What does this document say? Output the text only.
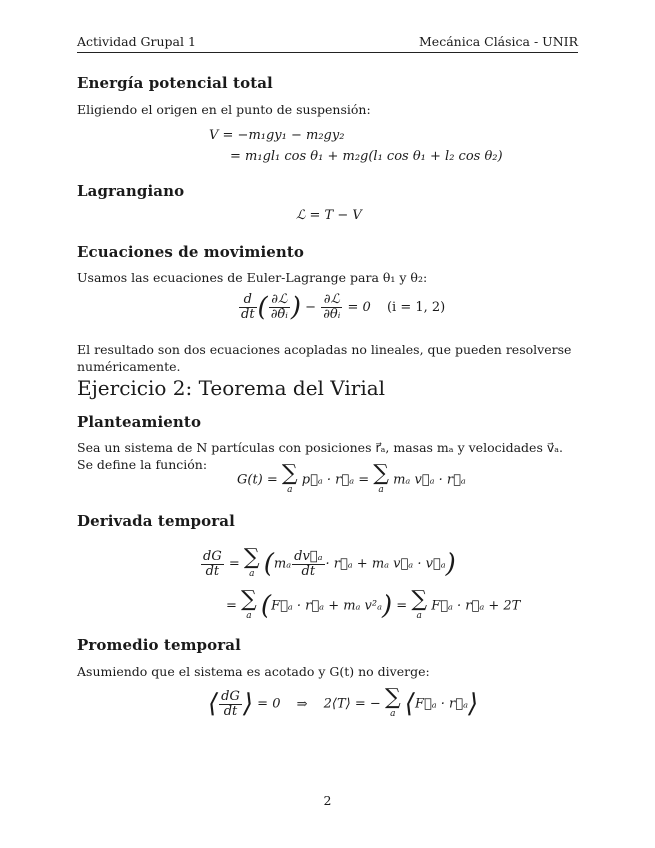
Actividad Grupal 1	Mecánica Clásica - UNIR
Energía potencial total
Eligiendo el origen en el punto de suspensión:
V = −m₁gy₁ − m₂gy₂
= m₁gl₁ cos θ₁ + m₂g(l₁ cos θ₁ + l₂ cos θ₂)
Lagrangiano
ℒ = T − V
Ecuaciones de movimiento
Usamos las ecuaciones de Euler-Lagrange para θ₁ y θ₂:
$\frac{d}{dt}$ ( $\frac{\text{∂ℒ}}{\text{∂θ̇ᵢ}}$ ) − $\frac{\text{∂ℒ}}{\text{∂θᵢ}} = 0$ (i = 1, 2)
El resultado son dos ecuaciones acopladas no lineales, que pueden resolverse numéricamente.
Ejercicio 2: Teorema del Virial
Planteamiento
Sea un sistema de N partículas con posiciones r⃗ₐ, masas mₐ y velocidades v⃗ₐ. Se define la función:
G(t) = ∑
a
p⃗ₐ · r⃗ₐ = ∑
a
mₐ v⃗ₐ · r⃗ₐ
Derivada temporal
$\frac{dG}{dt}$ = ∑
a ($m_a \frac{\text{dv⃗ₐ}}{dt}$ · r⃗ₐ + mₐ v⃗ₐ · v⃗ₐ)
= ∑
a (F⃗ₐ · r⃗ₐ + mₐ v²ₐ) = ∑
a
F⃗ₐ · r⃗ₐ + 2T
Promedio temporal
Asumiendo que el sistema es acotado y G(t) no diverge:
⟨ $\frac{dG}{dt}$ ⟩ = 0 ⇒ 2⟨T⟩ = − ∑
a ⟨F⃗ₐ · r⃗ₐ⟩
2
